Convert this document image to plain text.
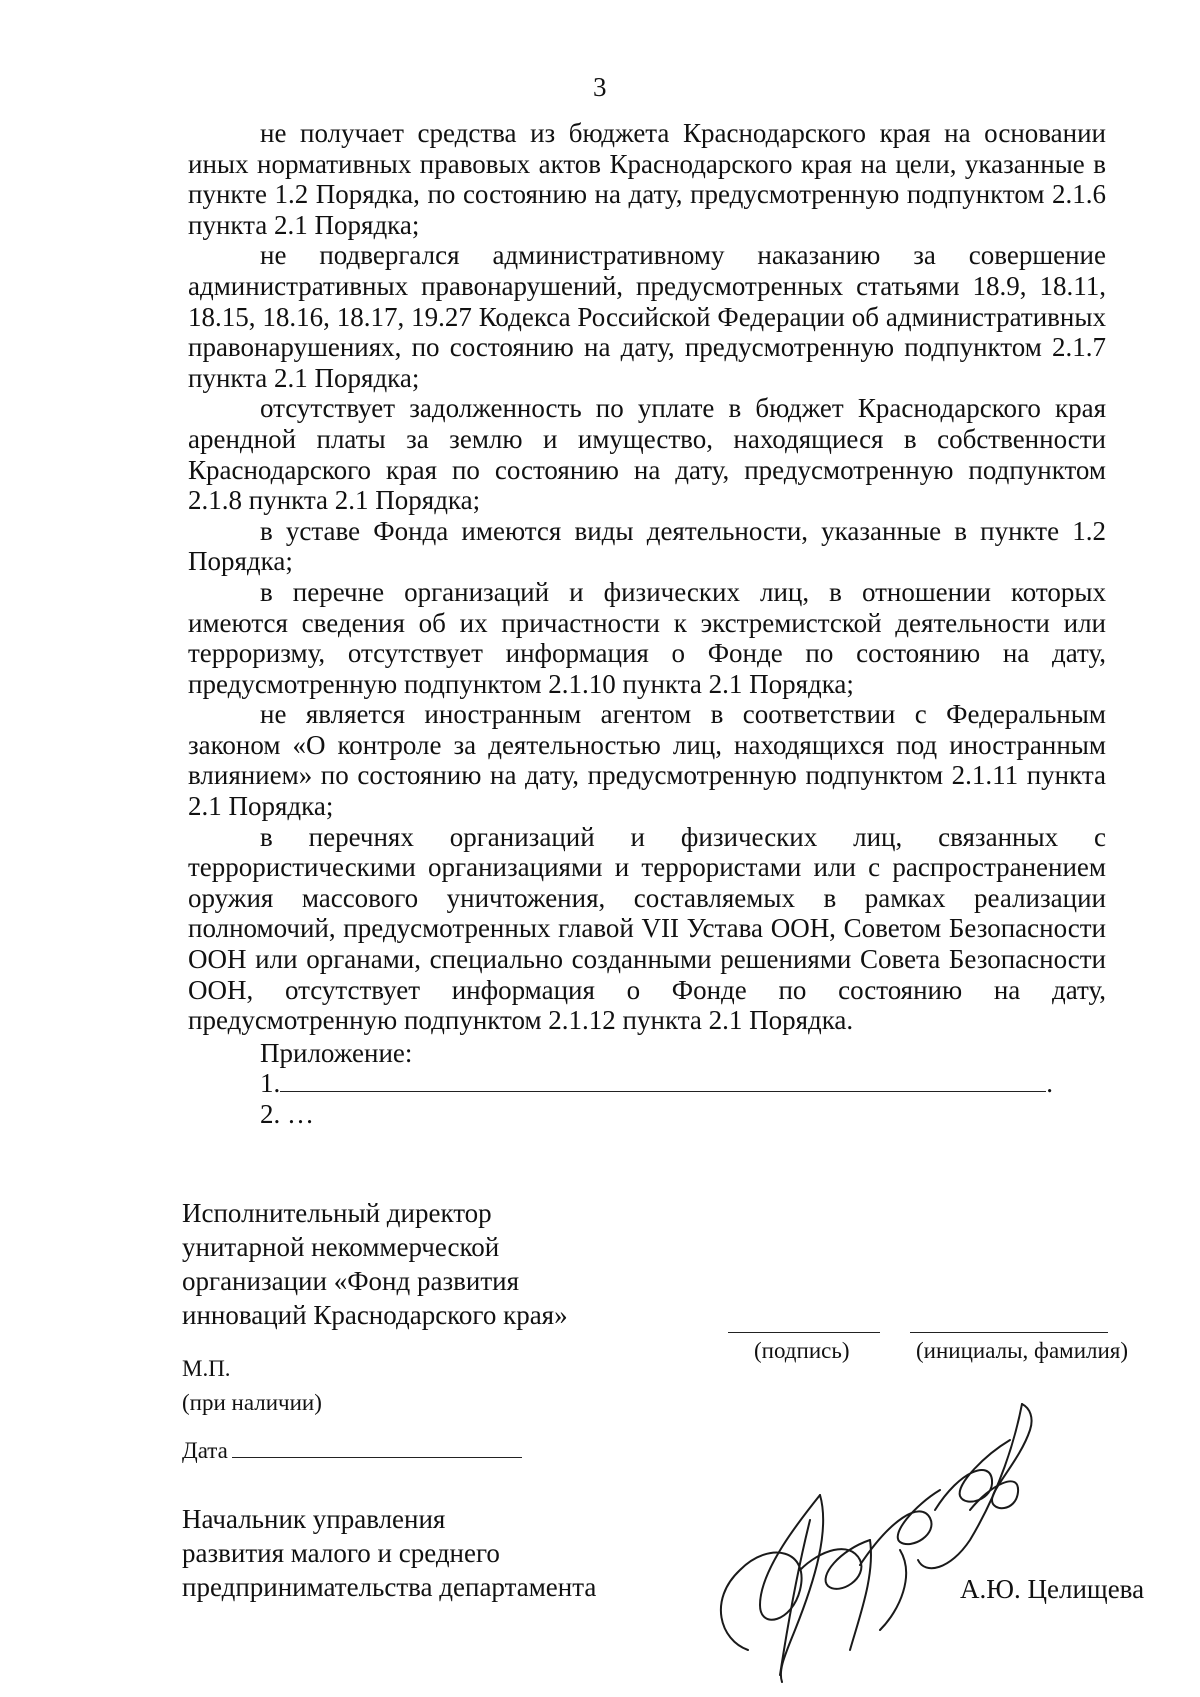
3

не получает средства из бюджета Краснодарского края на основании иных нормативных правовых актов Краснодарского края на цели, указанные в пункте 1.2 Порядка, по состоянию на дату, предусмотренную подпунктом 2.1.6 пункта 2.1 Порядка;

не подвергался административному наказанию за совершение административных правонарушений, предусмотренных статьями 18.9, 18.11, 18.15, 18.16, 18.17, 19.27 Кодекса Российской Федерации об административных правонарушениях, по состоянию на дату, предусмотренную подпунктом 2.1.7 пункта 2.1 Порядка;

отсутствует задолженность по уплате в бюджет Краснодарского края арендной платы за землю и имущество, находящиеся в собственности Краснодарского края по состоянию на дату, предусмотренную подпунктом 2.1.8 пункта 2.1 Порядка;

в уставе Фонда имеются виды деятельности, указанные в пункте 1.2 Порядка;

в перечне организаций и физических лиц, в отношении которых имеются сведения об их причастности к экстремистской деятельности или терроризму, отсутствует информация о Фонде по состоянию на дату, предусмотренную подпунктом 2.1.10 пункта 2.1 Порядка;

не является иностранным агентом в соответствии с Федеральным законом «О контроле за деятельностью лиц, находящихся под иностранным влиянием» по состоянию на дату, предусмотренную подпунктом 2.1.11 пункта 2.1 Порядка;

в перечнях организаций и физических лиц, связанных с террористическими организациями и террористами или с распространением оружия массового уничтожения, составляемых в рамках реализации полномочий, предусмотренных главой VII Устава ООН, Советом Безопасности ООН или органами, специально созданными решениями Совета Безопасности ООН, отсутствует информация о Фонде по состоянию на дату, предусмотренную подпунктом 2.1.12 пункта 2.1 Порядка.

Приложение:
1.	.
2. …
Исполнительный директор
унитарной некоммерческой
организации «Фонд развития
инноваций Краснодарского края»
(подпись)	(инициалы, фамилия)
М.П.
(при наличии)
Дата
Начальник управления
развития малого и среднего
предпринимательства департамента	А.Ю. Целищева
